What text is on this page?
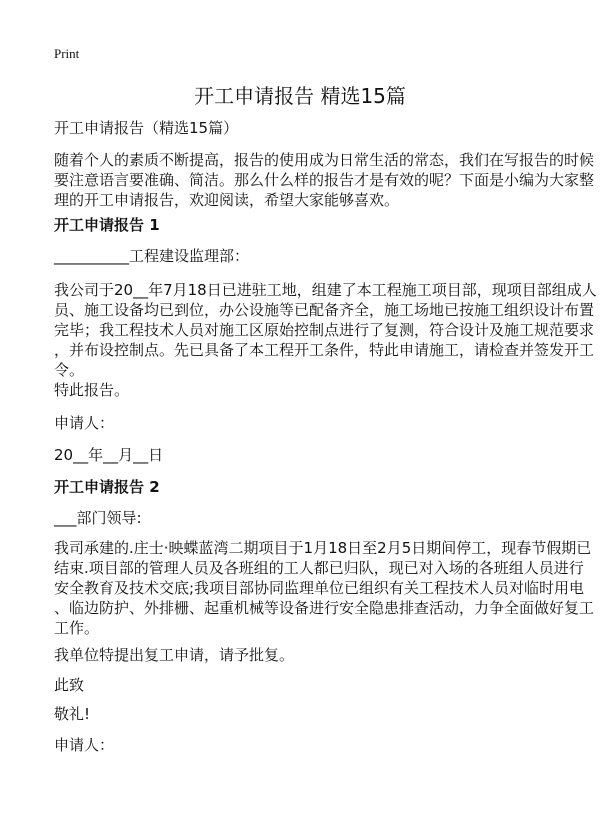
Print
开工申请报告 精选15篇
开工申请报告（精选15篇）
随着个人的素质不断提高，报告的使用成为日常生活的常态，我们在写报告的时候
要注意语言要准确、简洁。那么什么样的报告才是有效的呢？下面是小编为大家整
理的开工申请报告，欢迎阅读，希望大家能够喜欢。
开工申请报告 1
__________工程建设监理部：
我公司于20__年7月18日已进驻工地，组建了本工程施工项目部，现项目部组成人
员、施工设备均已到位，办公设施等已配备齐全，施工场地已按施工组织设计布置
完毕；我工程技术人员对施工区原始控制点进行了复测，符合设计及施工规范要求
，并布设控制点。先已具备了本工程开工条件，特此申请施工，请检查并签发开工
令。
特此报告。
申请人：
20__年__月__日
开工申请报告 2
___部门领导:
我司承建的.庄士·映蝶蓝湾二期项目于1月18日至2月5日期间停工，现春节假期已
结束.项目部的管理人员及各班组的工人都已归队，现已对入场的各班组人员进行
安全教育及技术交底;我项目部协同监理单位已组织有关工程技术人员对临时用电
、临边防护、外排栅、起重机械等设备进行安全隐患排查活动，力争全面做好复工
工作。
我单位特提出复工申请，请予批复。
此致
敬礼!
申请人：
